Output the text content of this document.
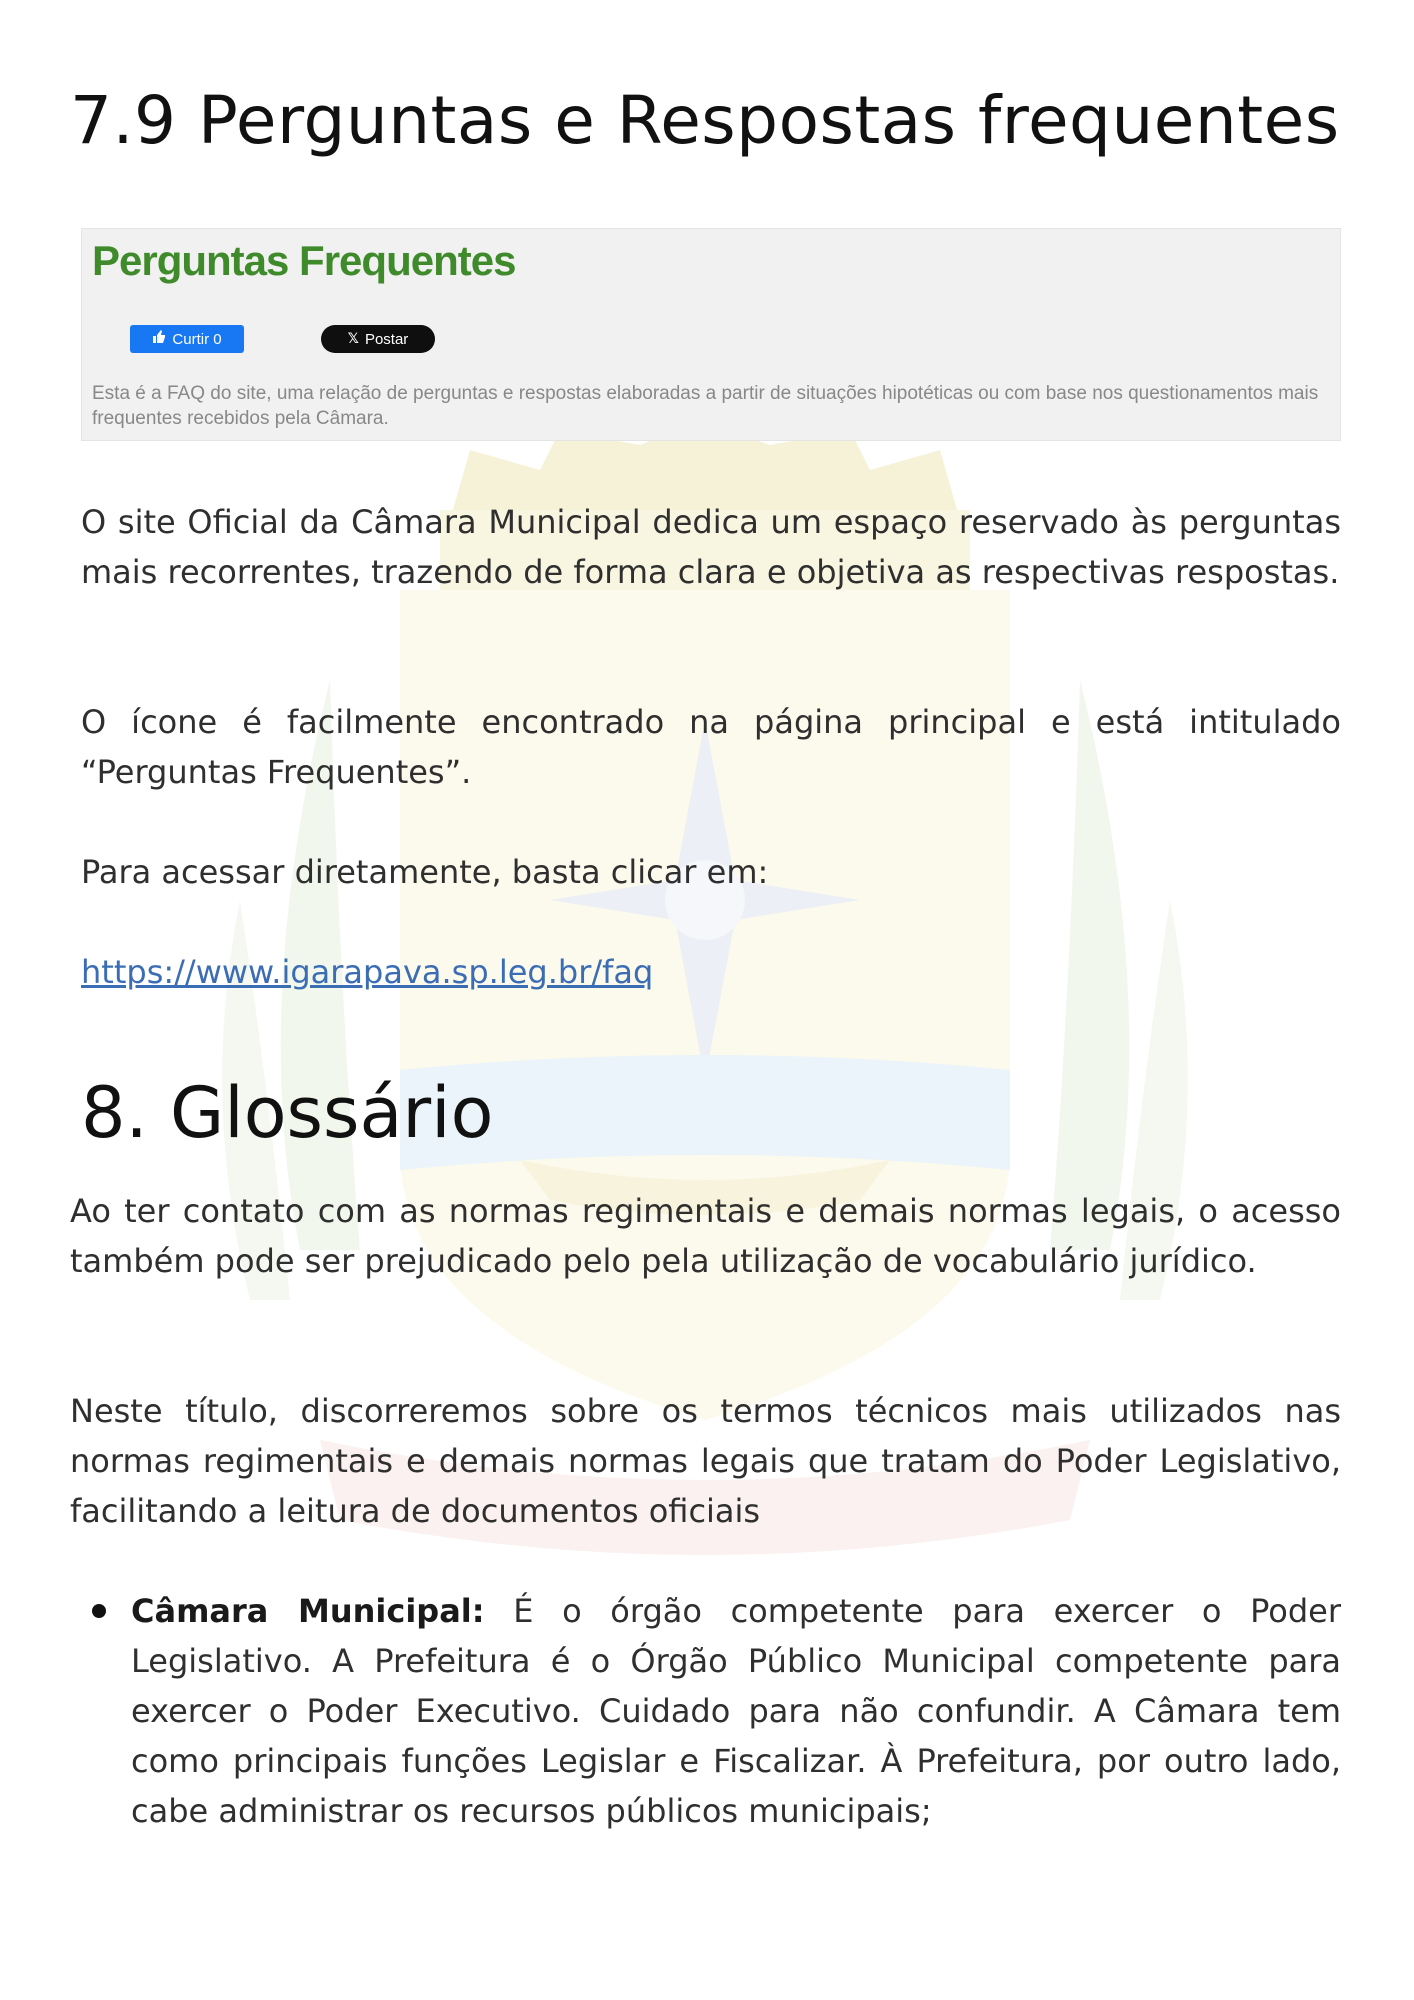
7.9 Perguntas e Respostas frequentes
Perguntas Frequentes
Curtir 0	𝕏 Postar
Esta é a FAQ do site, uma relação de perguntas e respostas elaboradas a partir de situações hipotéticas ou com base nos questionamentos mais frequentes recebidos pela Câmara.

O site Oficial da Câmara Municipal dedica um espaço reservado às perguntas mais recorrentes, trazendo de forma clara e objetiva as respectivas respostas.

O ícone é facilmente encontrado na página principal e está intitulado “Perguntas Frequentes”.

Para acessar diretamente, basta clicar em:

https://www.igarapava.sp.leg.br/faq
8. Glossário

Ao ter contato com as normas regimentais e demais normas legais, o acesso também pode ser prejudicado pelo pela utilização de vocabulário jurídico.

Neste título, discorreremos sobre os termos técnicos mais utilizados nas normas regimentais e demais normas legais que tratam do Poder Legislativo, facilitando a leitura de documentos oficiais

Câmara Municipal: É o órgão competente para exercer o Poder Legislativo. A Prefeitura é o Órgão Público Municipal competente para exercer o Poder Executivo. Cuidado para não confundir. A Câmara tem como principais funções Legislar e Fiscalizar. À Prefeitura, por outro lado, cabe administrar os recursos públicos municipais;
